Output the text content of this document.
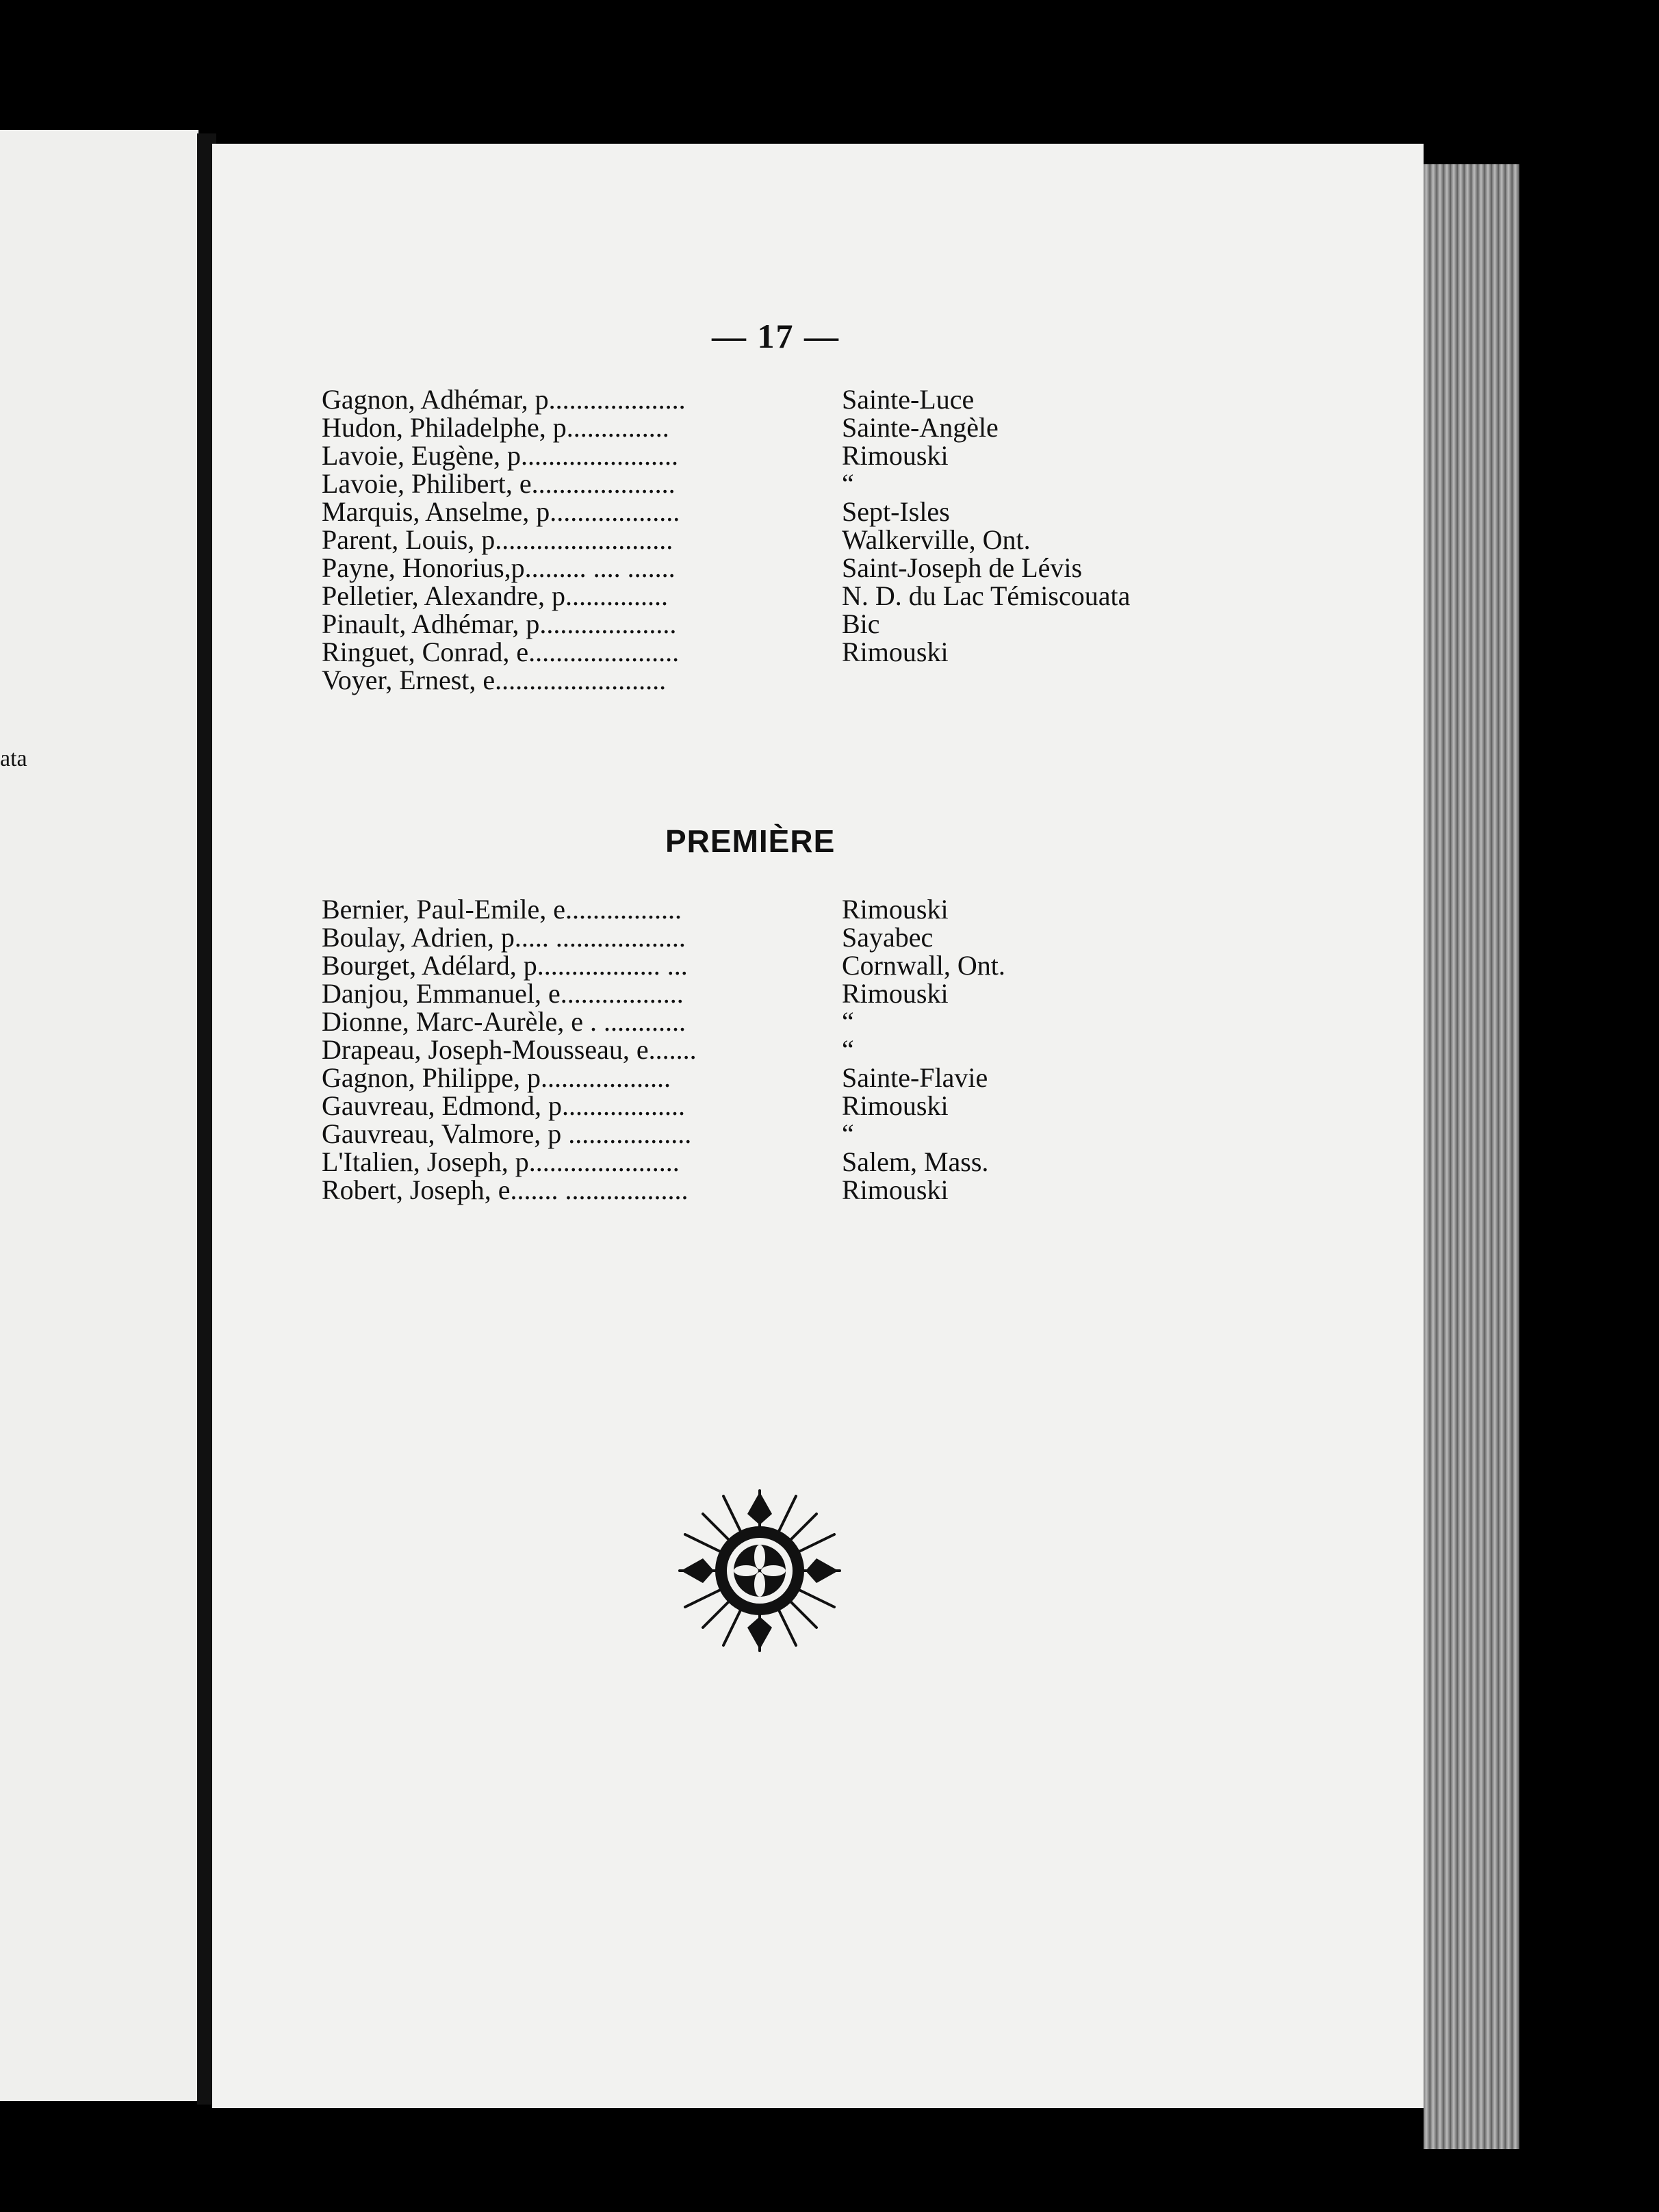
ata
— 17 —
Gagnon, Adhémar, p....................	Sainte-Luce
Hudon, Philadelphe, p...............	Sainte-Angèle
Lavoie, Eugène, p.......................	Rimouski
Lavoie, Philibert, e.....................	“
Marquis, Anselme, p...................	Sept-Isles
Parent, Louis, p..........................	Walkerville, Ont.
Payne, Honorius,p......... .... .......	Saint-Joseph de Lévis
Pelletier, Alexandre, p...............	N. D. du Lac Témiscouata
Pinault, Adhémar, p....................	Bic
Ringuet, Conrad, e......................	Rimouski
Voyer, Ernest, e.........................
PREMIÈRE
Bernier, Paul-Emile, e.................	Rimouski
Boulay, Adrien, p..... ...................	Sayabec
Bourget, Adélard, p.................. ...	Cornwall, Ont.
Danjou, Emmanuel, e..................	Rimouski
Dionne, Marc-Aurèle, e . ............	“
Drapeau, Joseph-Mousseau, e.......	“
Gagnon, Philippe, p...................	Sainte-Flavie
Gauvreau, Edmond, p..................	Rimouski
Gauvreau, Valmore, p ..................	“
L'Italien, Joseph, p......................	Salem, Mass.
Robert, Joseph, e....... ..................	Rimouski
